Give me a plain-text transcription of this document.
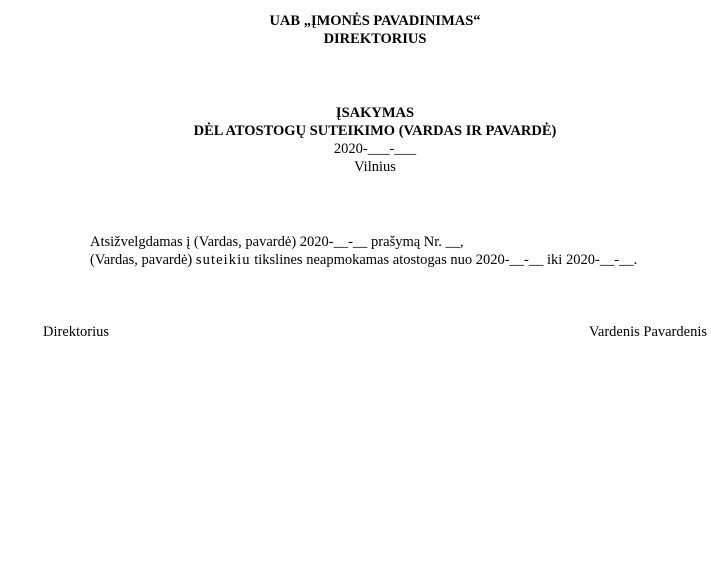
UAB „ĮMONĖS PAVADINIMAS“
DIREKTORIUS
ĮSAKYMAS
DĖL ATOSTOGŲ SUTEIKIMO (VARDAS IR PAVARDĖ)
2020-___-___
Vilnius
Atsižvelgdamas į (Vardas, pavardė) 2020-__-__ prašymą Nr. __,
(Vardas, pavardė) suteikiu tikslines neapmokamas atostogas nuo 2020-__-__ iki 2020-__-__.
Direktorius	Vardenis Pavardenis
